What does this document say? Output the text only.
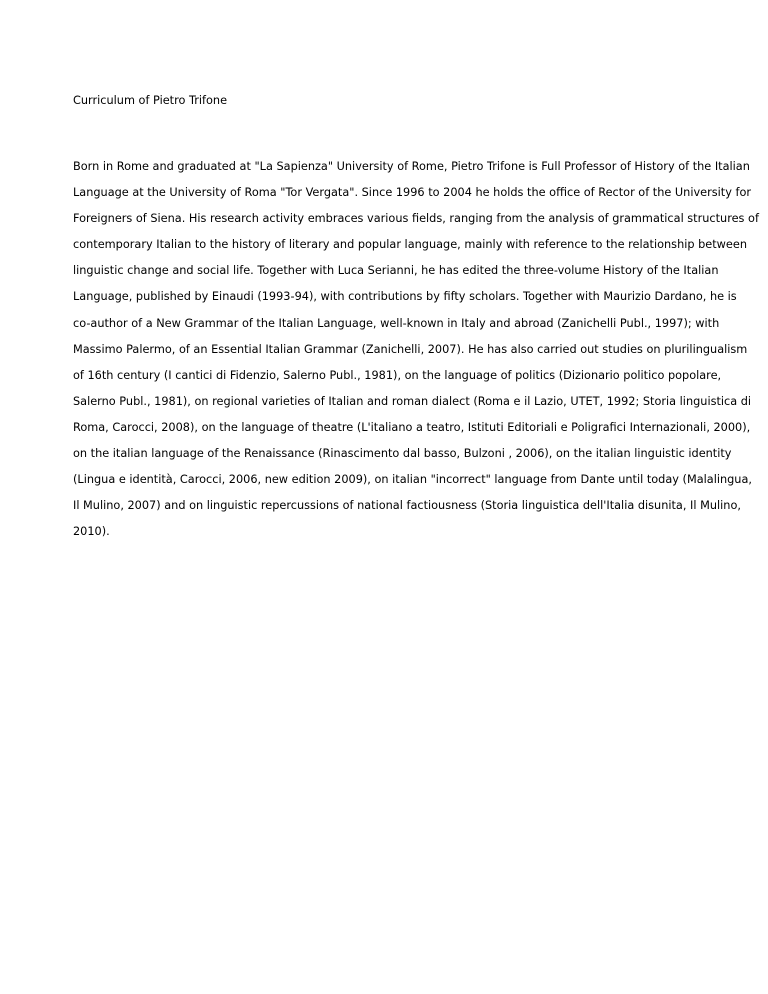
Curriculum of Pietro Trifone

Born in Rome and graduated at "La Sapienza" University of Rome, Pietro Trifone is Full Professor of History of the Italian
Language at the University of Roma "Tor Vergata". Since 1996 to 2004 he holds the office of Rector of the University for
Foreigners of Siena. His research activity embraces various fields, ranging from the analysis of grammatical structures of
contemporary Italian to the history of literary and popular language, mainly with reference to the relationship between
linguistic change and social life. Together with Luca Serianni, he has edited the three-volume History of the Italian
Language, published by Einaudi (1993-94), with contributions by fifty scholars. Together with Maurizio Dardano, he is
co-author of a New Grammar of the Italian Language, well-known in Italy and abroad (Zanichelli Publ., 1997); with
Massimo Palermo, of an Essential Italian Grammar (Zanichelli, 2007). He has also carried out studies on plurilingualism
of 16th century (I cantici di Fidenzio, Salerno Publ., 1981), on the language of politics (Dizionario politico popolare,
Salerno Publ., 1981), on regional varieties of Italian and roman dialect (Roma e il Lazio, UTET, 1992; Storia linguistica di
Roma, Carocci, 2008), on the language of theatre (L'italiano a teatro, Istituti Editoriali e Poligrafici Internazionali, 2000),
on the italian language of the Renaissance (Rinascimento dal basso, Bulzoni , 2006), on the italian linguistic identity
(Lingua e identità, Carocci, 2006, new edition 2009), on italian "incorrect" language from Dante until today (Malalingua,
Il Mulino, 2007) and on linguistic repercussions of national factiousness (Storia linguistica dell'Italia disunita, Il Mulino,
2010).
